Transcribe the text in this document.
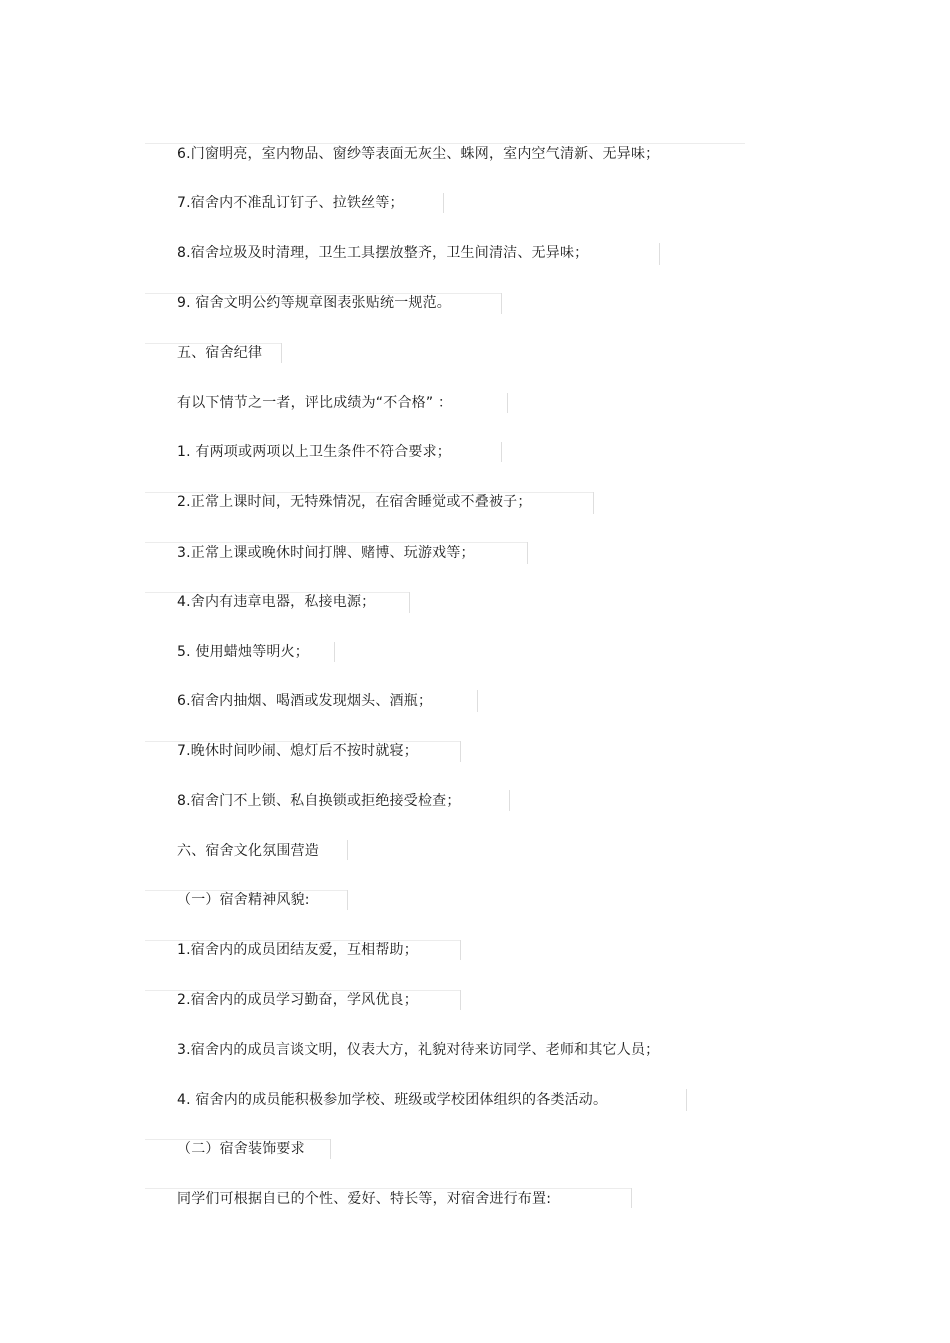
6.门窗明亮，室内物品、窗纱等表面无灰尘、蛛网，室内空气清新、无异味；
7.宿舍内不准乱订钉子、拉铁丝等；
8.宿舍垃圾及时清理，卫生工具摆放整齐，卫生间清洁、无异味；
9. 宿舍文明公约等规章图表张贴统一规范。
五、宿舍纪律
有以下情节之一者，评比成绩为“不合格” ：
1. 有两项或两项以上卫生条件不符合要求；
2.正常上课时间，无特殊情况，在宿舍睡觉或不叠被子；
3.正常上课或晚休时间打牌、赌博、玩游戏等；
4.舍内有违章电器，私接电源；
5. 使用蜡烛等明火；
6.宿舍内抽烟、喝酒或发现烟头、酒瓶；
7.晚休时间吵闹、熄灯后不按时就寝；
8.宿舍门不上锁、私自换锁或拒绝接受检查；
六、宿舍文化氛围营造
（一）宿舍精神风貌:
1.宿舍内的成员团结友爱，互相帮助；
2.宿舍内的成员学习勤奋，学风优良；
3.宿舍内的成员言谈文明，仪表大方，礼貌对待来访同学、老师和其它人员；
4. 宿舍内的成员能积极参加学校、班级或学校团体组织的各类活动。
（二）宿舍装饰要求
同学们可根据自已的个性、爱好、特长等，对宿舍进行布置:
